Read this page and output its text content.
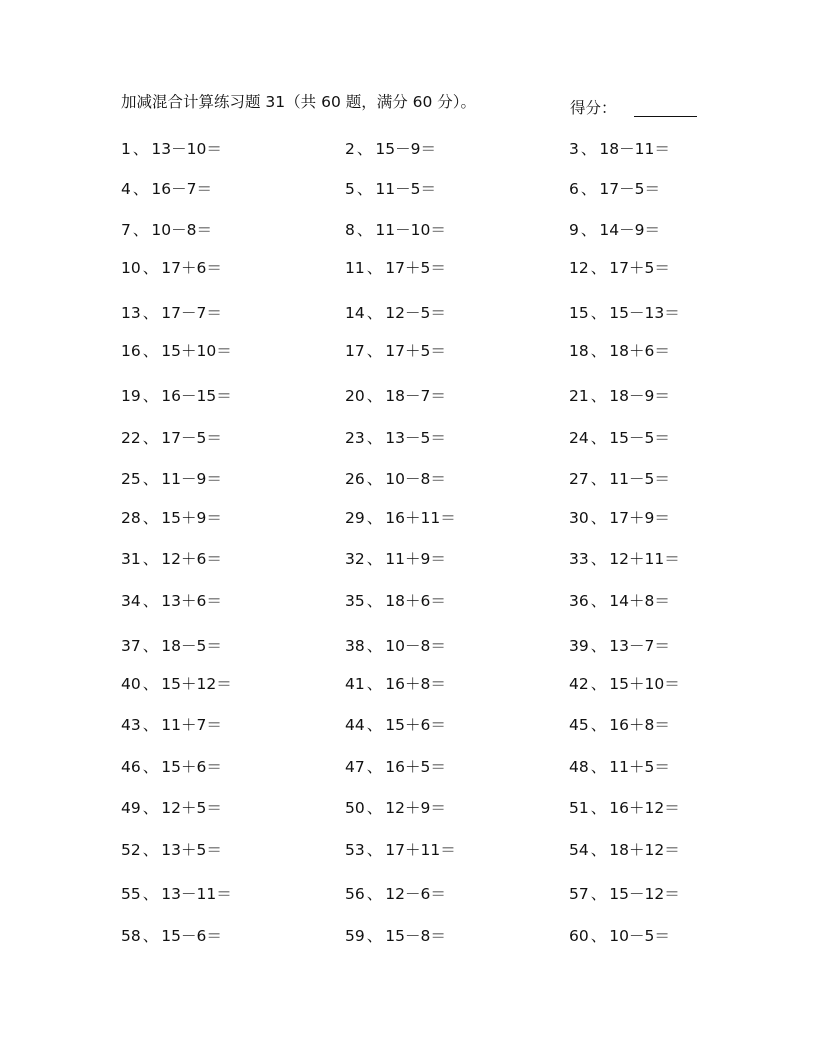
加减混合计算练习题 31（共 60 题，满分 60 分）。	得分：
1 、 13－10＝	2 、 15－9＝	3 、 18－11＝
4 、 16－7＝	5 、 11－5＝	6 、 17－5＝
7 、 10－8＝	8 、 11－10＝	9 、 14－9＝
10 、 17＋6＝	11 、 17＋5＝	12 、 17＋5＝
13 、 17－7＝	14 、 12－5＝	15 、 15－13＝
16 、 15＋10＝	17 、 17＋5＝	18 、 18＋6＝
19 、 16－15＝	20 、 18－7＝	21 、 18－9＝
22 、 17－5＝	23 、 13－5＝	24 、 15－5＝
25 、 11－9＝	26 、 10－8＝	27 、 11－5＝
28 、 15＋9＝	29 、 16＋11＝	30 、 17＋9＝
31 、 12＋6＝	32 、 11＋9＝	33 、 12＋11＝
34 、 13＋6＝	35 、 18＋6＝	36 、 14＋8＝
37 、 18－5＝	38 、 10－8＝	39 、 13－7＝
40 、 15＋12＝	41 、 16＋8＝	42 、 15＋10＝
43 、 11＋7＝	44 、 15＋6＝	45 、 16＋8＝
46 、 15＋6＝	47 、 16＋5＝	48 、 11＋5＝
49 、 12＋5＝	50 、 12＋9＝	51 、 16＋12＝
52 、 13＋5＝	53 、 17＋11＝	54 、 18＋12＝
55 、 13－11＝	56 、 12－6＝	57 、 15－12＝
58 、 15－6＝	59 、 15－8＝	60 、 10－5＝
